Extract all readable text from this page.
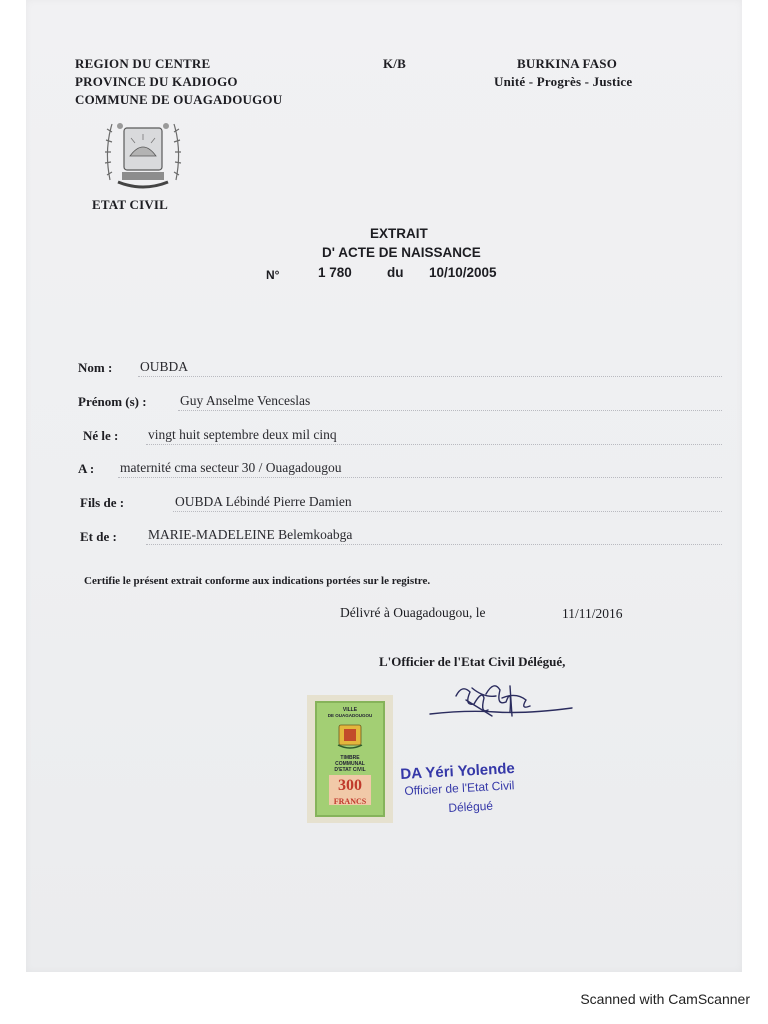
REGION DU CENTRE
PROVINCE DU KADIOGO
COMMUNE DE OUAGADOUGOU
K/B	BURKINA FASO
Unité - Progrès - Justice
ETAT CIVIL
EXTRAIT
D' ACTE DE NAISSANCE
N°	1 780	du 10/10/2005
Nom : OUBDA
Prénom (s) : Guy Anselme Venceslas
Né le : vingt huit septembre deux mil cinq
A : maternité cma secteur 30 / Ouagadougou
Fils de :	OUBDA Lébindé Pierre Damien
Et de : MARIE-MADELEINE Belemkoabga
Certifie le présent extrait conforme aux indications portées sur le registre.
Délivré à Ouagadougou, le	11/11/2016
L'Officier de l'Etat Civil Délégué,
VILLE
DE OUAGADOUGOU
TIMBRE
COMMUNAL
D'ETAT CIVIL
300
FRANCS
DA Yéri Yolende
Officier de l'Etat Civil
Délégué
Scanned with CamScanner
